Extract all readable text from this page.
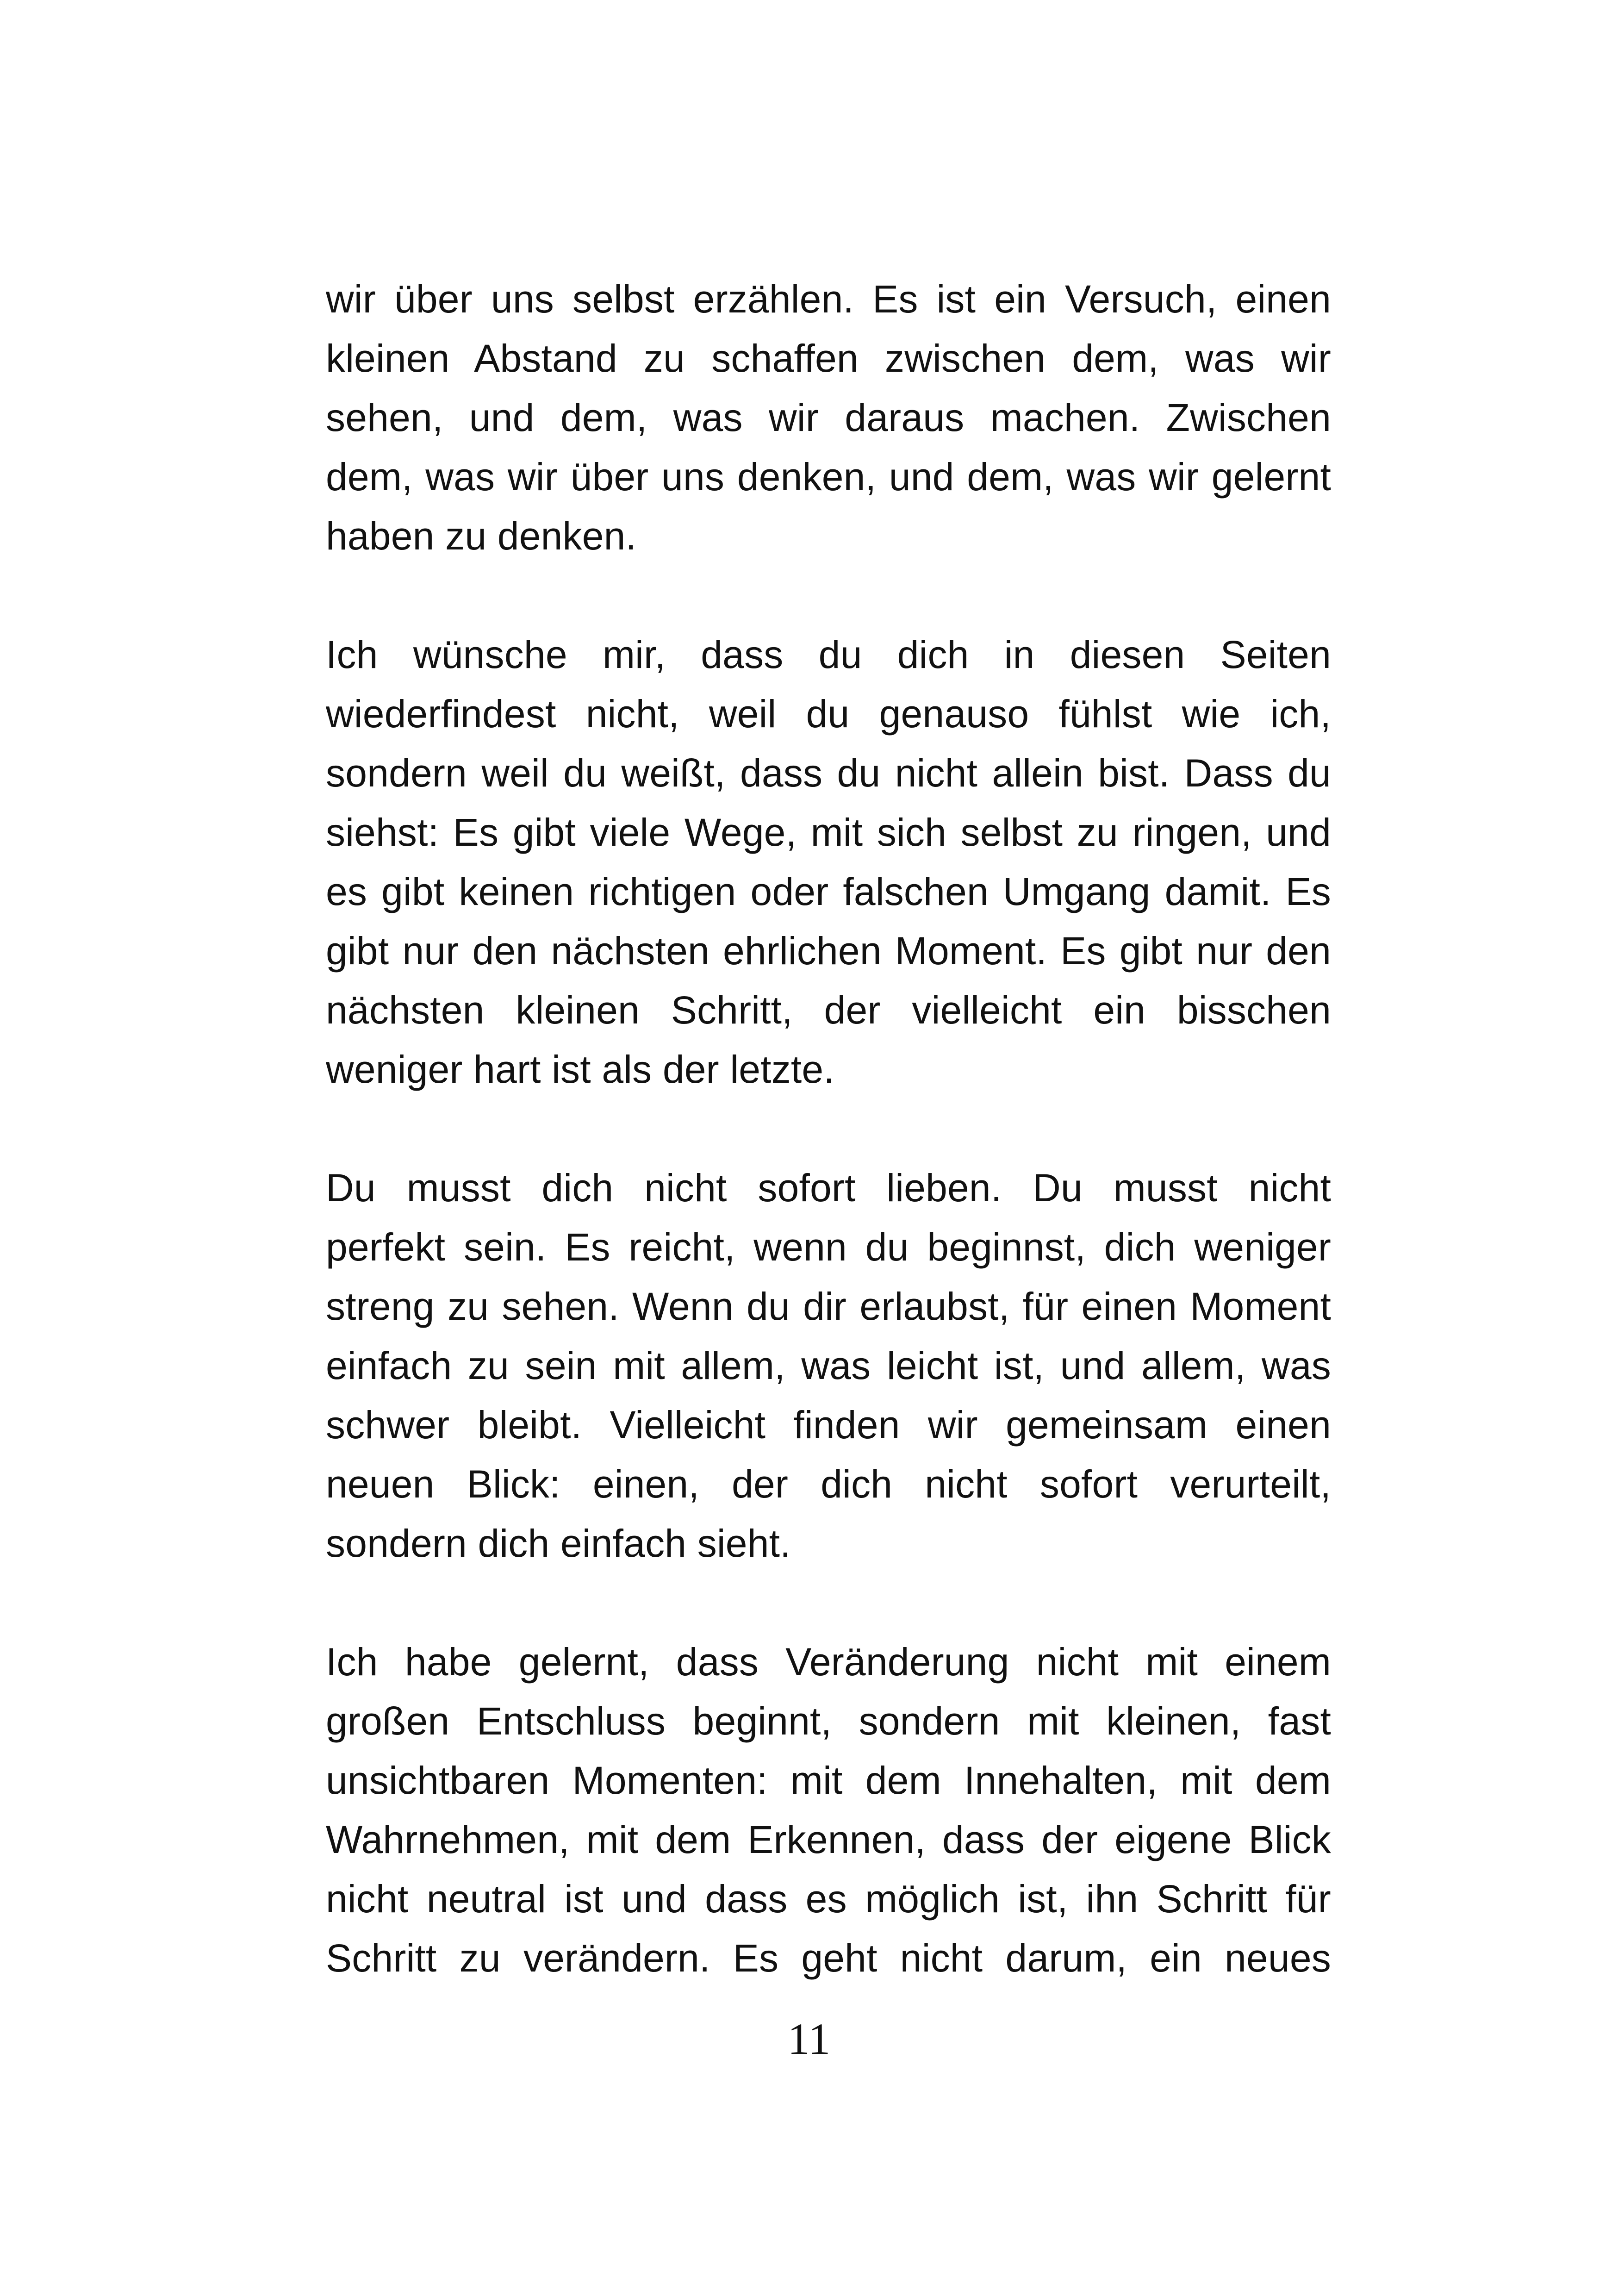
wir über uns selbst erzählen. Es ist ein Versuch, einen
kleinen Abstand zu schaffen zwischen dem, was wir
sehen, und dem, was wir daraus machen. Zwischen
dem, was wir über uns denken, und dem, was wir gelernt
haben zu denken.

Ich wünsche mir, dass du dich in diesen Seiten
wiederfindest nicht, weil du genauso fühlst wie ich,
sondern weil du weißt, dass du nicht allein bist. Dass du
siehst: Es gibt viele Wege, mit sich selbst zu ringen, und
es gibt keinen richtigen oder falschen Umgang damit. Es
gibt nur den nächsten ehrlichen Moment. Es gibt nur den
nächsten kleinen Schritt, der vielleicht ein bisschen
weniger hart ist als der letzte.

Du musst dich nicht sofort lieben. Du musst nicht
perfekt sein. Es reicht, wenn du beginnst, dich weniger
streng zu sehen. Wenn du dir erlaubst, für einen Moment
einfach zu sein mit allem, was leicht ist, und allem, was
schwer bleibt. Vielleicht finden wir gemeinsam einen
neuen Blick: einen, der dich nicht sofort verurteilt,
sondern dich einfach sieht.

Ich habe gelernt, dass Veränderung nicht mit einem
großen Entschluss beginnt, sondern mit kleinen, fast
unsichtbaren Momenten: mit dem Innehalten, mit dem
Wahrnehmen, mit dem Erkennen, dass der eigene Blick
nicht neutral ist und dass es möglich ist, ihn Schritt für
Schritt zu verändern. Es geht nicht darum, ein neues

11
